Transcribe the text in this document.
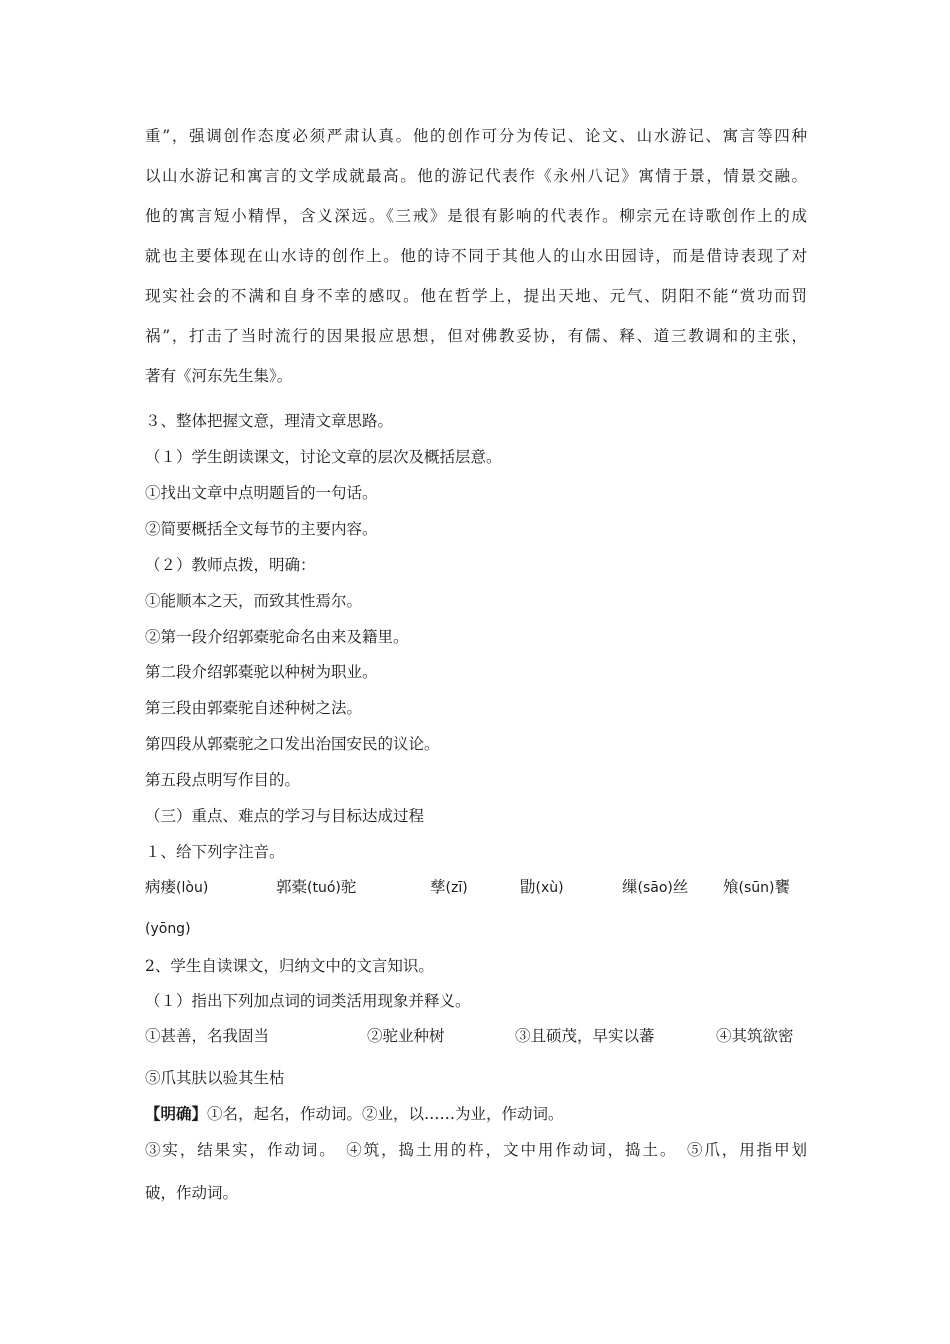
重”，强调创作态度必须严肃认真。他的创作可分为传记、论文、山水游记、寓言等四种
以山水游记和寓言的文学成就最高。他的游记代表作《永州八记》寓情于景，情景交融。
他的寓言短小精悍，含义深远。《三戒》是很有影响的代表作。柳宗元在诗歌创作上的成
就也主要体现在山水诗的创作上。他的诗不同于其他人的山水田园诗，而是借诗表现了对
现实社会的不满和自身不幸的感叹。他在哲学上，提出天地、元气、阴阳不能“赏功而罚
祸”，打击了当时流行的因果报应思想，但对佛教妥协，有儒、释、道三教调和的主张，
著有《河东先生集》。

３、整体把握文意，理清文章思路。

（１）学生朗读课文，讨论文章的层次及概括层意。

①找出文章中点明题旨的一句话。

②简要概括全文每节的主要内容。

（２）教师点拨，明确：

①能顺本之天，而致其性焉尔。

②第一段介绍郭橐驼命名由来及籍里。

第二段介绍郭橐驼以种树为职业。

第三段由郭橐驼自述种树之法。

第四段从郭橐驼之口发出治国安民的议论。

第五段点明写作目的。

（三）重点、难点的学习与目标达成过程

１、给下列字注音。

病瘘(lòu)	郭橐(tuó)驼	孳(zī)	勖(xù)	缫(sāo)丝 飧(sūn)饔

(yōng)

2、学生自读课文，归纳文中的文言知识。

（１）指出下列加点词的词类活用现象并释义。

①甚善，名我固当	②驼业种树	③且硕茂，早实以蕃	④其筑欲密

⑤爪其肤以验其生枯

【明确】①名，起名，作动词。②业，以……为业，作动词。

③实，结果实，作动词。　④筑，捣土用的杵，文中用作动词，捣土。　⑤爪，用指甲划

破，作动词。
